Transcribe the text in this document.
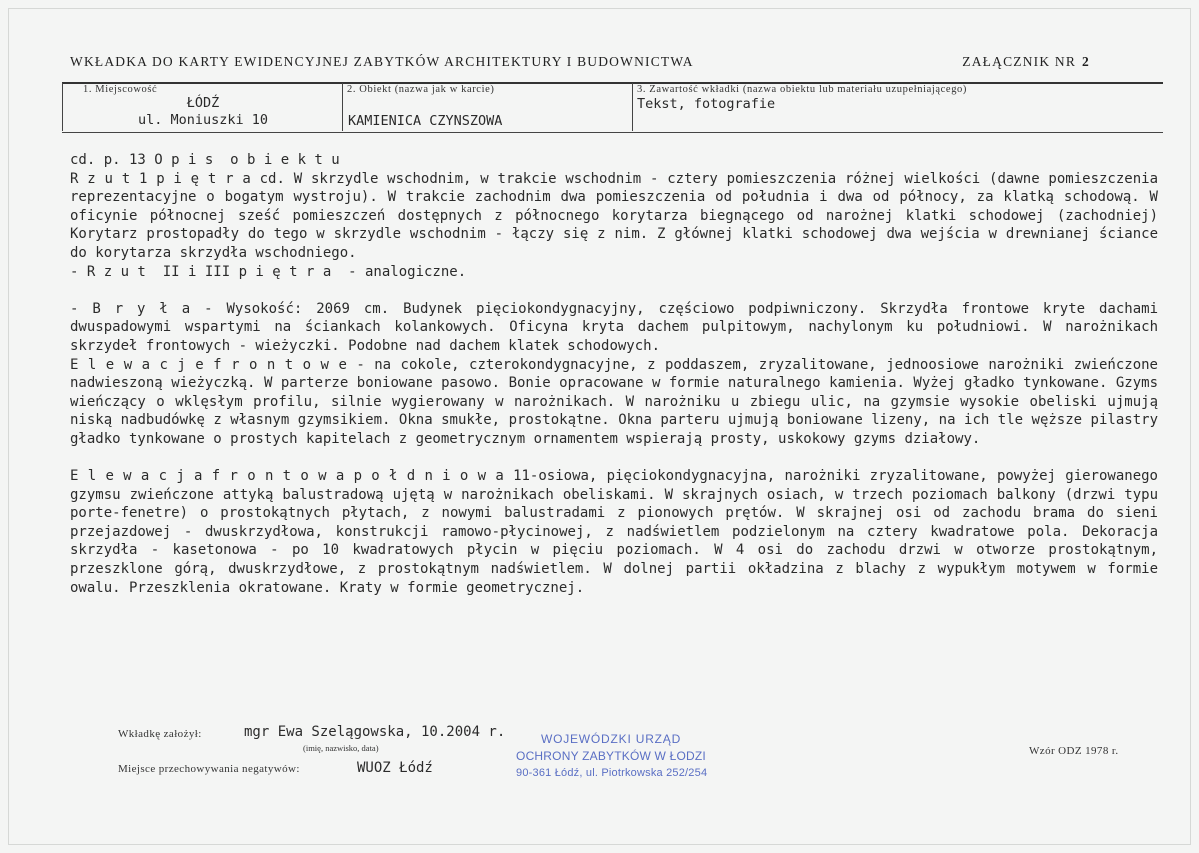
WKŁADKA DO KARTY EWIDENCYJNEJ ZABYTKÓW ARCHITEKTURY I BUDOWNICTWA	ZAŁĄCZNIK NR 2
1. Miejscowość
ŁÓDŹ
ul. Moniuszki 10
2. Obiekt (nazwa jak w karcie)
KAMIENICA CZYNSZOWA
3. Zawartość wkładki (nazwa obiektu lub materiału uzupełniającego)
Tekst, fotografie

cd. p. 13 O p i s  o b i e k t u

R z u t 1 p i ę t r a cd. W skrzydle wschodnim, w trakcie wschodnim - cztery pomieszczenia różnej wielkości (dawne pomieszczenia reprezentacyjne o bogatym wystroju). W trakcie zachodnim dwa pomieszczenia od południa i dwa od północy, za klatką schodową. W oficynie północnej sześć pomieszczeń dostępnych z północnego korytarza biegnącego od narożnej klatki schodowej (zachodniej) Korytarz prostopadły do tego w skrzydle wschodnim - łączy się z nim. Z głównej klatki schodowej dwa wejścia w drewnianej ściance do korytarza skrzydła wschodniego.

- R z u t  II i III p i ę t r a  - analogiczne.

- B r y ł a - Wysokość: 2069 cm. Budynek pięciokondygnacyjny, częściowo podpiwniczony. Skrzydła frontowe kryte dachami dwuspadowymi wspartymi na ściankach kolankowych. Oficyna kryta dachem pulpitowym, nachylonym ku południowi. W narożnikach skrzydeł frontowych - wieżyczki. Podobne nad dachem klatek schodowych.

E l e w a c j e f r o n t o w e - na cokole, czterokondygnacyjne, z poddaszem, zryzalitowane, jednoosiowe narożniki zwieńczone nadwieszoną wieżyczką. W parterze boniowane pasowo. Bonie opracowane w formie naturalnego kamienia. Wyżej gładko tynkowane. Gzyms wieńczący o wklęsłym profilu, silnie wygierowany w narożnikach. W narożniku u zbiegu ulic, na gzymsie wysokie obeliski ujmują niską nadbudówkę z własnym gzymsikiem. Okna smukłe, prostokątne. Okna parteru ujmują boniowane lizeny, na ich tle węższe pilastry gładko tynkowane o prostych kapitelach z geometrycznym ornamentem wspierają prosty, uskokowy gzyms działowy.

E l e w a c j a f r o n t o w a p o ł d n i o w a 11-osiowa, pięciokondygnacyjna, narożniki zryzalitowane, powyżej gierowanego gzymsu zwieńczone attyką balustradową ujętą w narożnikach obeliskami. W skrajnych osiach, w trzech poziomach balkony (drzwi typu porte-fenetre) o prostokątnych płytach, z nowymi balustradami z pionowych prętów. W skrajnej osi od zachodu brama do sieni przejazdowej - dwuskrzydłowa, konstrukcji ramowo-płycinowej, z nadświetlem podzielonym na cztery kwadratowe pola. Dekoracja skrzydła - kasetonowa - po 10 kwadratowych płycin w pięciu poziomach. W 4 osi do zachodu drzwi w otworze prostokątnym, przeszklone górą, dwuskrzydłowe, z prostokątnym nadświetlem. W dolnej partii okładzina z blachy z wypukłym motywem w formie owalu. Przeszklenia okratowane. Kraty w formie geometrycznej.

Wkładkę założył:	mgr Ewa Szelągowska, 10.2004 r.
(imię, nazwisko, data)
Miejsce przechowywania negatywów:	WUOZ Łódź
Wzór ODZ 1978 r.
WOJEWÓDZKI URZĄD
OCHRONY ZABYTKÓW W ŁODZI
90-361 Łódź, ul. Piotrkowska 252/254
